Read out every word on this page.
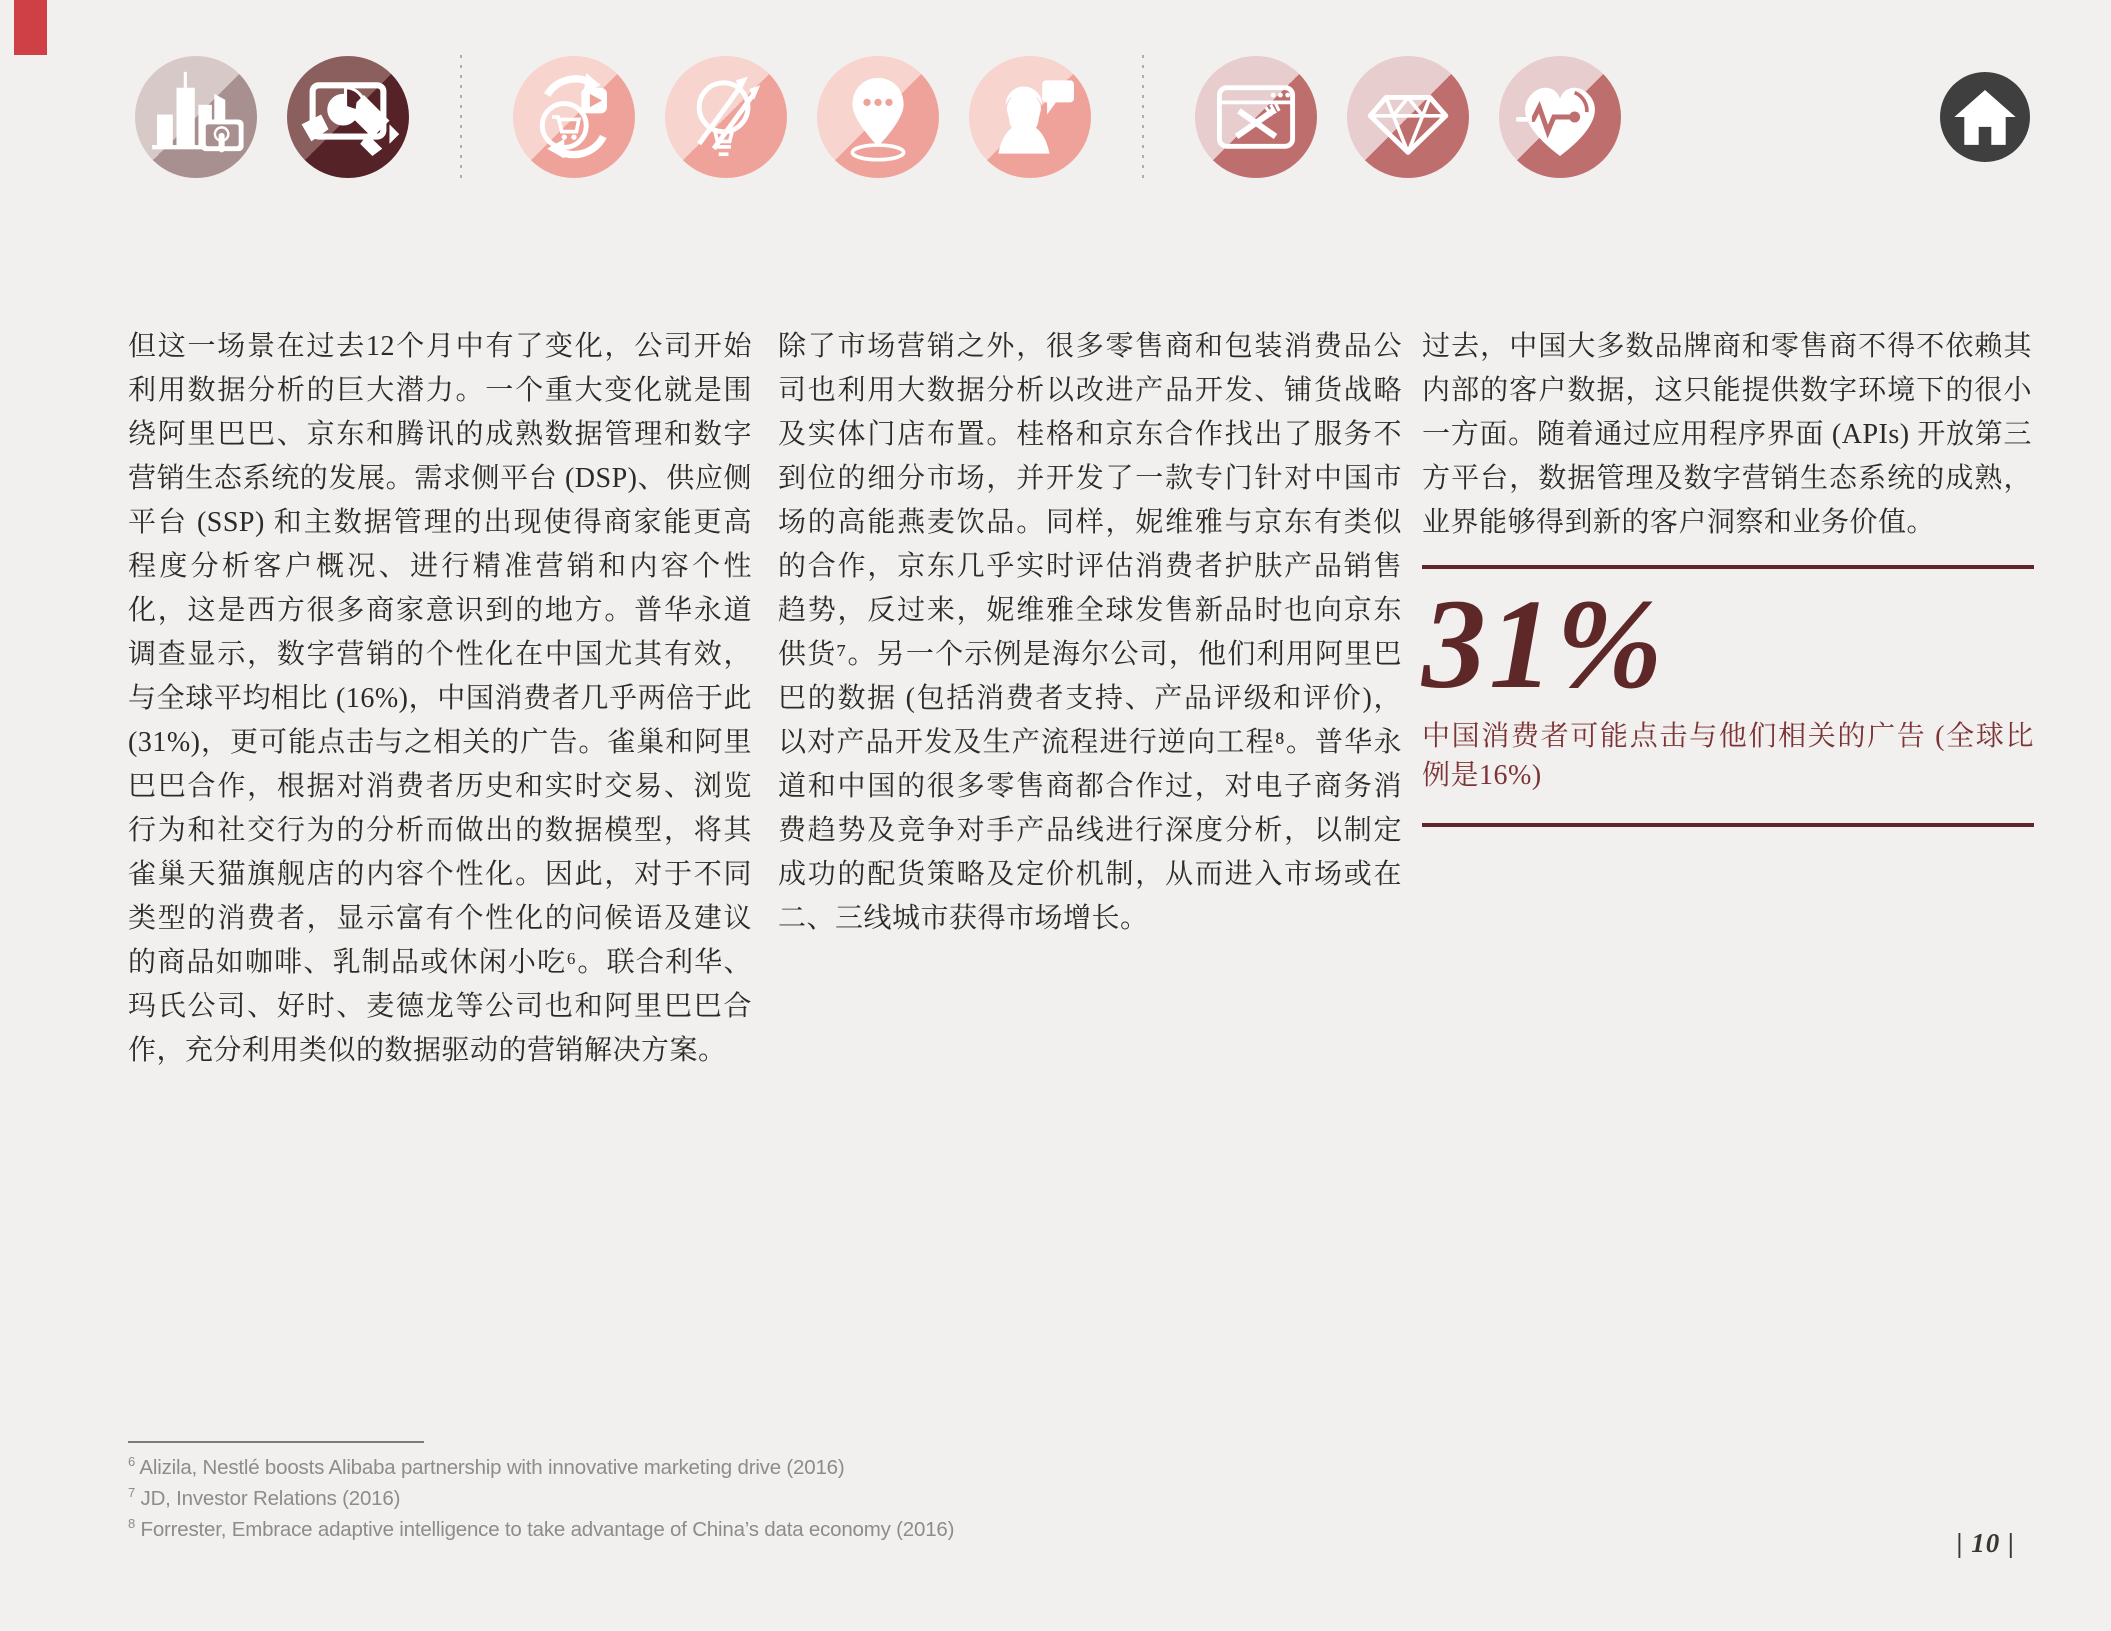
但这一场景在过去12个月中有了变化，公司开始利用数据分析的巨大潜力。一个重大变化就是围绕阿里巴巴、京东和腾讯的成熟数据管理和数字营销生态系统的发展。需求侧平台 (DSP)、供应侧平台 (SSP) 和主数据管理的出现使得商家能更高程度分析客户概况、进行精准营销和内容个性化，这是西方很多商家意识到的地方。普华永道调查显示，数字营销的个性化在中国尤其有效，与全球平均相比 (16%)，中国消费者几乎两倍于此 (31%)，更可能点击与之相关的广告。雀巢和阿里巴巴合作，根据对消费者历史和实时交易、浏览行为和社交行为的分析而做出的数据模型，将其雀巢天猫旗舰店的内容个性化。因此，对于不同类型的消费者，显示富有个性化的问候语及建议的商品如咖啡、乳制品或休闲小吃⁶。联合利华、玛氏公司、好时、麦德龙等公司也和阿里巴巴合作，充分利用类似的数据驱动的营销解决方案。
除了市场营销之外，很多零售商和包装消费品公司也利用大数据分析以改进产品开发、铺货战略及实体门店布置。桂格和京东合作找出了服务不到位的细分市场，并开发了一款专门针对中国市场的高能燕麦饮品。同样，妮维雅与京东有类似的合作，京东几乎实时评估消费者护肤产品销售趋势，反过来，妮维雅全球发售新品时也向京东供货⁷。另一个示例是海尔公司，他们利用阿里巴巴的数据 (包括消费者支持、产品评级和评价)，以对产品开发及生产流程进行逆向工程⁸。普华永道和中国的很多零售商都合作过，对电子商务消费趋势及竞争对手产品线进行深度分析，以制定成功的配货策略及定价机制，从而进入市场或在二、三线城市获得市场增长。
过去，中国大多数品牌商和零售商不得不依赖其内部的客户数据，这只能提供数字环境下的很小一方面。随着通过应用程序界面 (APIs) 开放第三方平台，数据管理及数字营销生态系统的成熟，业界能够得到新的客户洞察和业务价值。
31%
中国消费者可能点击与他们相关的广告 (全球比例是16%)
$^6$ Alizila, Nestlé boosts Alibaba partnership with innovative marketing drive (2016)
$^7$ JD, Investor Relations (2016)
$^8$ Forrester, Embrace adaptive intelligence to take advantage of China’s data economy (2016)	| 10 |
